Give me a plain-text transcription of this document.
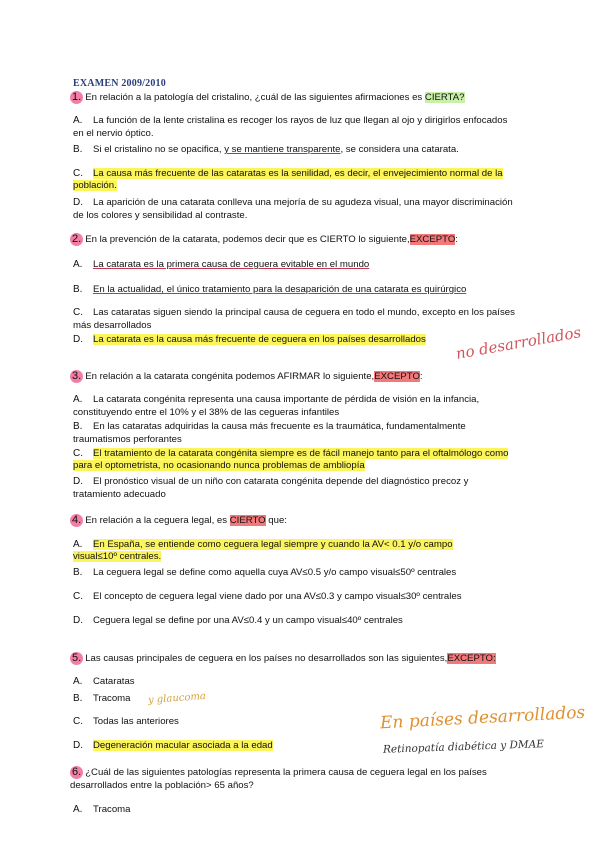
EXAMEN 2009/2010
1. En relación a la patología del cristalino, ¿cuál de las siguientes afirmaciones es CIERTA?
A. La función de la lente cristalina es recoger los rayos de luz que llegan al ojo y dirigirlos enfocados en el nervio óptico.
B. Si el cristalino no se opacifica, y se mantiene transparente, se considera una catarata.
C. La causa más frecuente de las cataratas es la senilidad, es decir, el envejecimiento normal de la
población.
D. La aparición de una catarata conlleva una mejoría de su agudeza visual, una mayor discriminación de los colores y sensibilidad al contraste.
2. En la prevención de la catarata, podemos decir que es CIERTO lo siguiente,EXCEPTO:
A. La catarata es la primera causa de ceguera evitable en el mundo
B. En la actualidad, el único tratamiento para la desaparición de una catarata es quirúrgico
C. Las cataratas siguen siendo la principal causa de ceguera en todo el mundo, excepto en los países más desarrollados
D. La catarata es la causa más frecuente de ceguera en los países desarrollados no desarrollados
3. En relación a la catarata congénita podemos AFIRMAR lo siguiente,EXCEPTO:
A. La catarata congénita representa una causa importante de pérdida de visión en la infancia, constituyendo entre el 10% y el 38% de las cegueras infantiles
B. En las cataratas adquiridas la causa más frecuente es la traumática, fundamentalmente traumatismos perforantes
C. El tratamiento de la catarata congénita siempre es de fácil manejo tanto para el oftalmólogo como
para el optometrista, no ocasionando nunca problemas de ambliopía
D. El pronóstico visual de un niño con catarata congénita depende del diagnóstico precoz y tratamiento adecuado
4. En relación a la ceguera legal, es CIERTO que:
A. En España, se entiende como ceguera legal siempre y cuando la AV< 0.1 y/o campo
visual≤10º centrales.
B. La ceguera legal se define como aquella cuya AV≤0.5 y/o campo visual≤50º centrales
C. El concepto de ceguera legal viene dado por una AV≤0.3 y campo visual≤30º centrales
D. Ceguera legal se define por una AV≤0.4 y un campo visual≤40º centrales
5. Las causas principales de ceguera en los países no desarrollados son las siguientes,EXCEPTO:
A. Cataratas
B. Tracoma y glaucoma
C. Todas las anteriores
D. Degeneración macular asociada a la edad
En países desarrollados
Retinopatía diabética y DMAE
6. ¿Cuál de las siguientes patologías representa la primera causa de ceguera legal en los países desarrollados entre la población> 65 años?
A. Tracoma
